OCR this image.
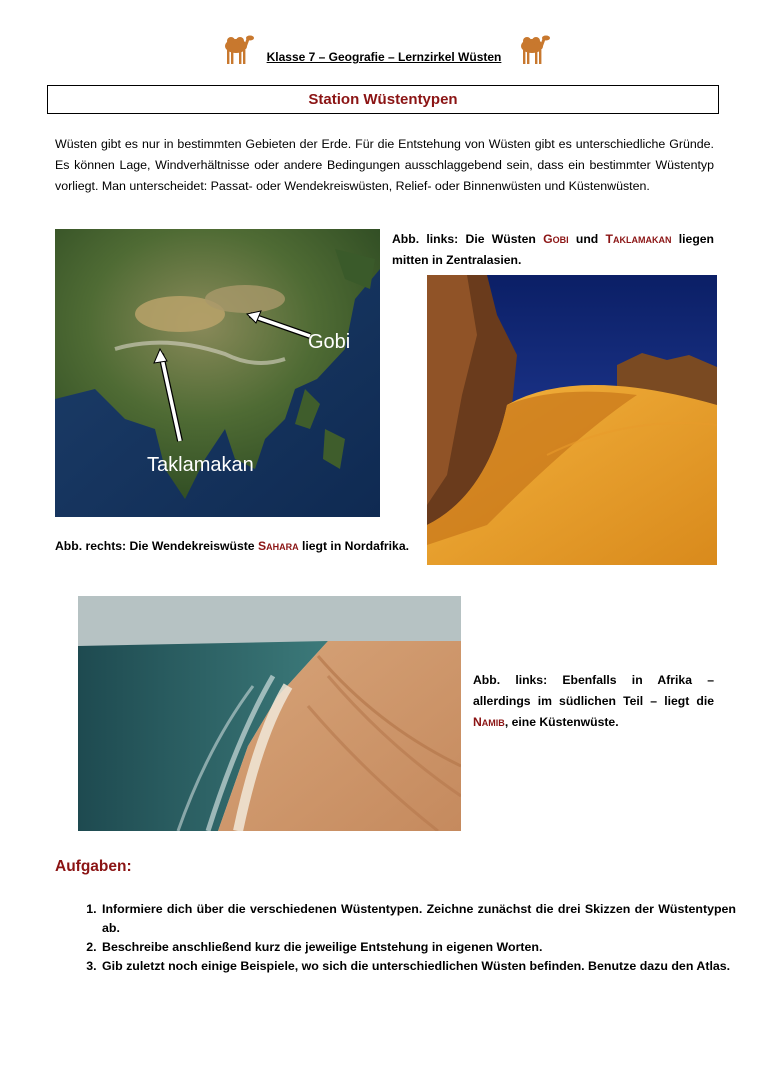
Klasse 7 – Geografie – Lernzirkel Wüsten
Station Wüstentypen
Wüsten gibt es nur in bestimmten Gebieten der Erde. Für die Entstehung von Wüsten gibt es unterschiedliche Gründe. Es können Lage, Windverhältnisse oder andere Bedingungen ausschlaggebend sein, dass ein bestimmter Wüstentyp vorliegt. Man unterscheidet: Passat- oder Wendekreiswüsten, Relief- oder Binnenwüsten und Küstenwüsten.
Gobi
Taklamakan
Abb. links: Die Wüsten Gobi und Taklamakan liegen mitten in Zentralasien.
Abb. rechts: Die Wendekreiswüste Sahara liegt in Nordafrika.
Abb. links: Ebenfalls in Afrika – allerdings im südlichen Teil – liegt die Namib, eine Küstenwüste.
Aufgaben:
1. Informiere dich über die verschiedenen Wüstentypen. Zeichne zunächst die drei Skizzen der Wüstentypen ab.
2. Beschreibe anschließend kurz die jeweilige Entstehung in eigenen Worten.
3. Gib zuletzt noch einige Beispiele, wo sich die unterschiedlichen Wüsten befinden. Benutze dazu den Atlas.
